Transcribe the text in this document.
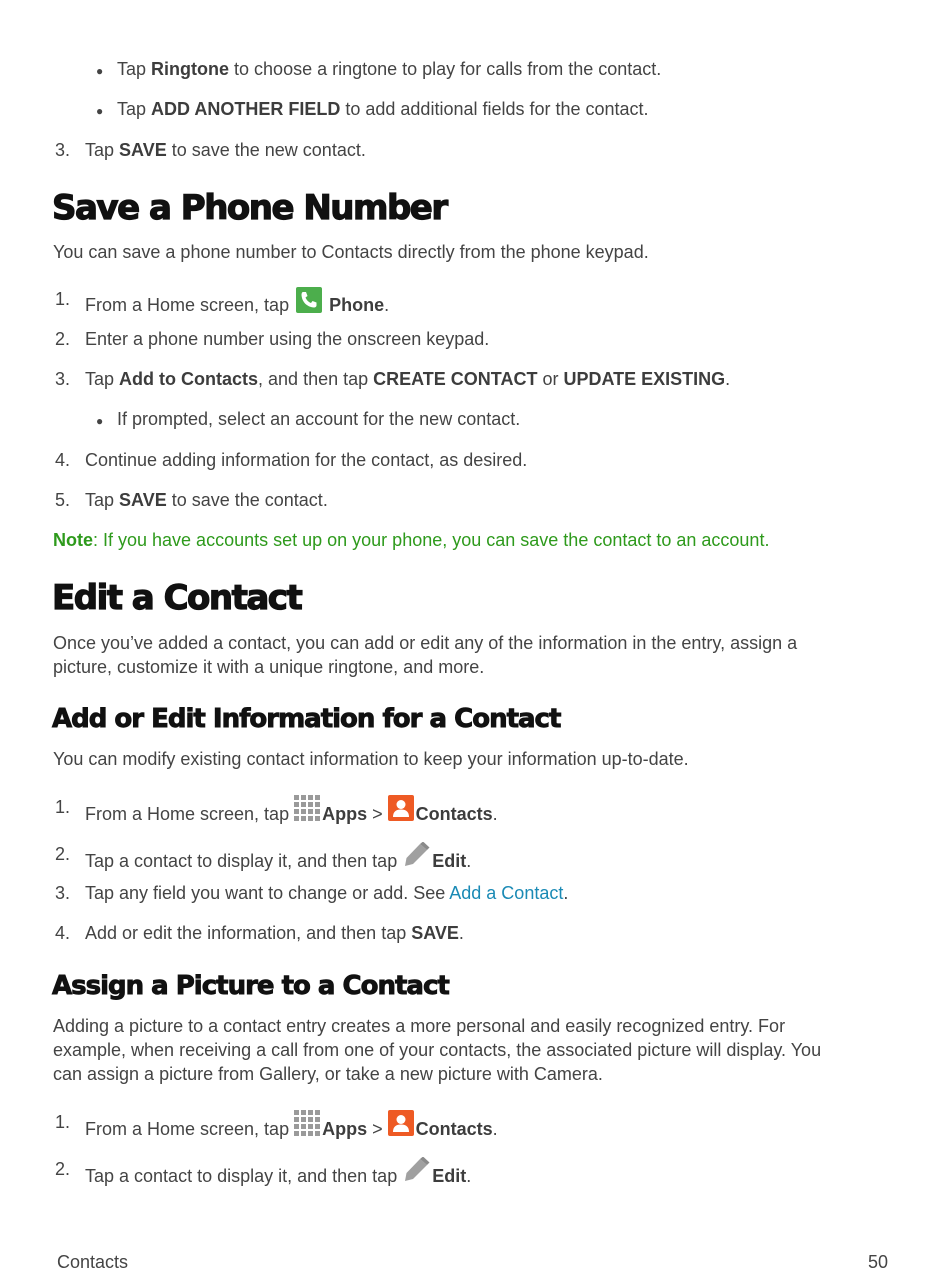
● Tap Ringtone to choose a ringtone to play for calls from the contact.
● Tap ADD ANOTHER FIELD to add additional fields for the contact.
3. Tap SAVE to save the new contact.
Save a Phone Number
You can save a phone number to Contacts directly from the phone keypad.
1. From a Home screen, tap  Phone.
2. Enter a phone number using the onscreen keypad.
3. Tap Add to Contacts, and then tap CREATE CONTACT or UPDATE EXISTING.
● If prompted, select an account for the new contact.
4. Continue adding information for the contact, as desired.
5. Tap SAVE to save the contact.
Note: If you have accounts set up on your phone, you can save the contact to an account.
Edit a Contact
Once you’ve added a contact, you can add or edit any of the information in the entry, assign a
picture, customize it with a unique ringtone, and more.
Add or Edit Information for a Contact
You can modify existing contact information to keep your information up-to-date.
1. From a Home screen, tap Apps > Contacts.
2. Tap a contact to display it, and then tap Edit.
3. Tap any field you want to change or add. See Add a Contact.
4. Add or edit the information, and then tap SAVE.
Assign a Picture to a Contact
Adding a picture to a contact entry creates a more personal and easily recognized entry. For
example, when receiving a call from one of your contacts, the associated picture will display. You
can assign a picture from Gallery, or take a new picture with Camera.
1. From a Home screen, tap Apps > Contacts.
2. Tap a contact to display it, and then tap Edit.
Contacts	50
